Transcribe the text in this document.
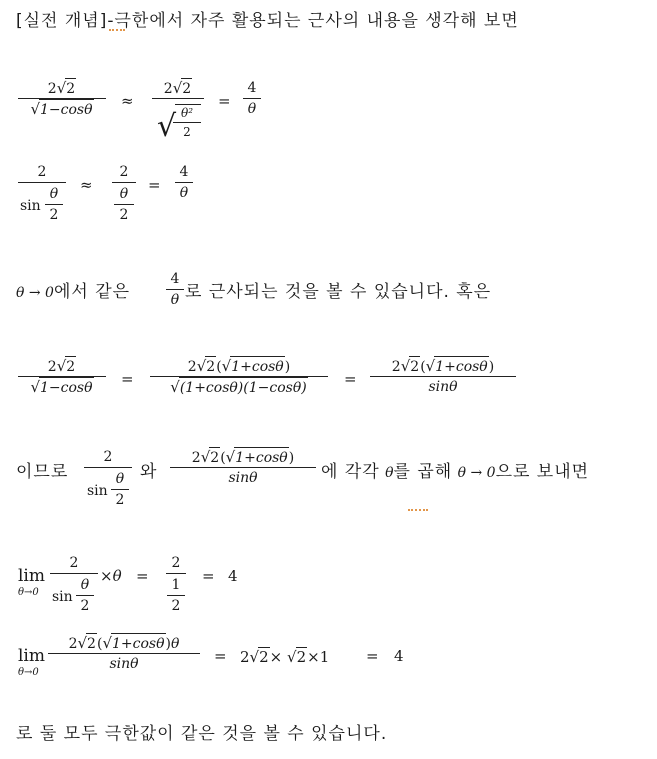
[실전 개념]-극한에서 자주 활용되는 근사의 내용을 생각해 보면
2√2
√1−cosθ	≈
2√2
√ θ²
2
=
4
θ
2
sin
θ
2
≈
2
θ
2
=
4
θ
θ → 0에서 같은
4
θ 로 근사되는 것을 볼 수 있습니다. 혹은
2√2
√1−cosθ	=
2√2(√1+cosθ)
√(1+cosθ)(1−cosθ)	=
2√2(√1+cosθ)
sinθ
이므로
2
sin
θ
2
와
2√2(√1+cosθ)
sinθ	에 각각 θ를 곱해 θ → 0으로 보내면
lim
θ→0
2
sin
θ
2
×θ =
2
1
2
= 4
lim
θ→0
2√2(√1+cosθ)θ
sinθ	= 2√2× √2×1 = 4
로 둘 모두 극한값이 같은 것을 볼 수 있습니다.
